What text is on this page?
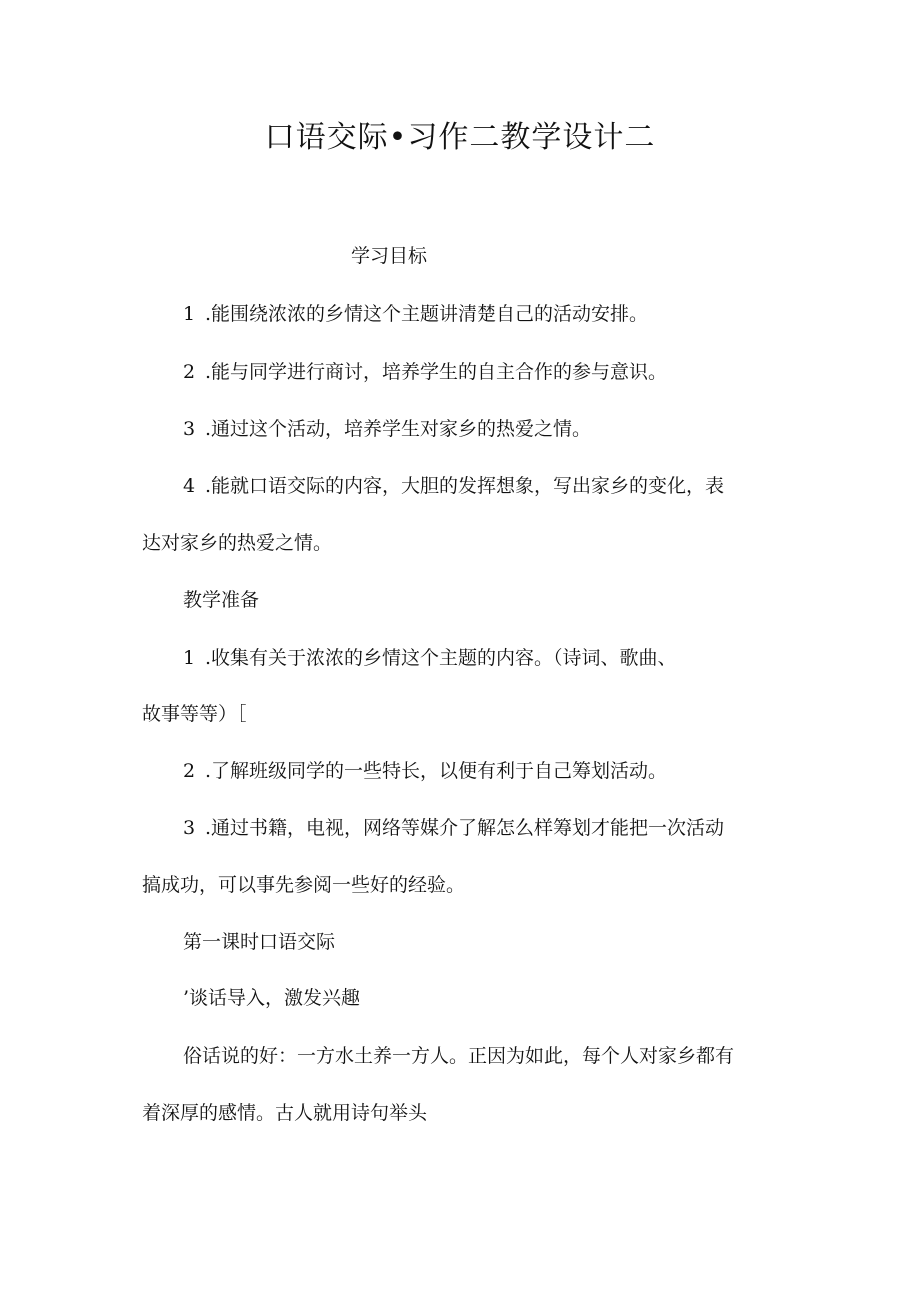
口语交际•习作二教学设计二
学习目标
1 .能围绕浓浓的乡情这个主题讲清楚自己的活动安排。
2 .能与同学进行商讨，培养学生的自主合作的参与意识。
3 .通过这个活动，培养学生对家乡的热爱之情。
4 .能就口语交际的内容，大胆的发挥想象，写出家乡的变化，表
达对家乡的热爱之情。
教学准备
1 .收集有关于浓浓的乡情这个主题的内容。（诗词、歌曲、
故事等等）［
2 .了解班级同学的一些特长，以便有利于自己筹划活动。
3 .通过书籍，电视，网络等媒介了解怎么样筹划才能把一次活动
搞成功，可以事先参阅一些好的经验。
第一课时口语交际
’谈话导入，激发兴趣
俗话说的好：一方水土养一方人。正因为如此，每个人对家乡都有
着深厚的感情。古人就用诗句举头
